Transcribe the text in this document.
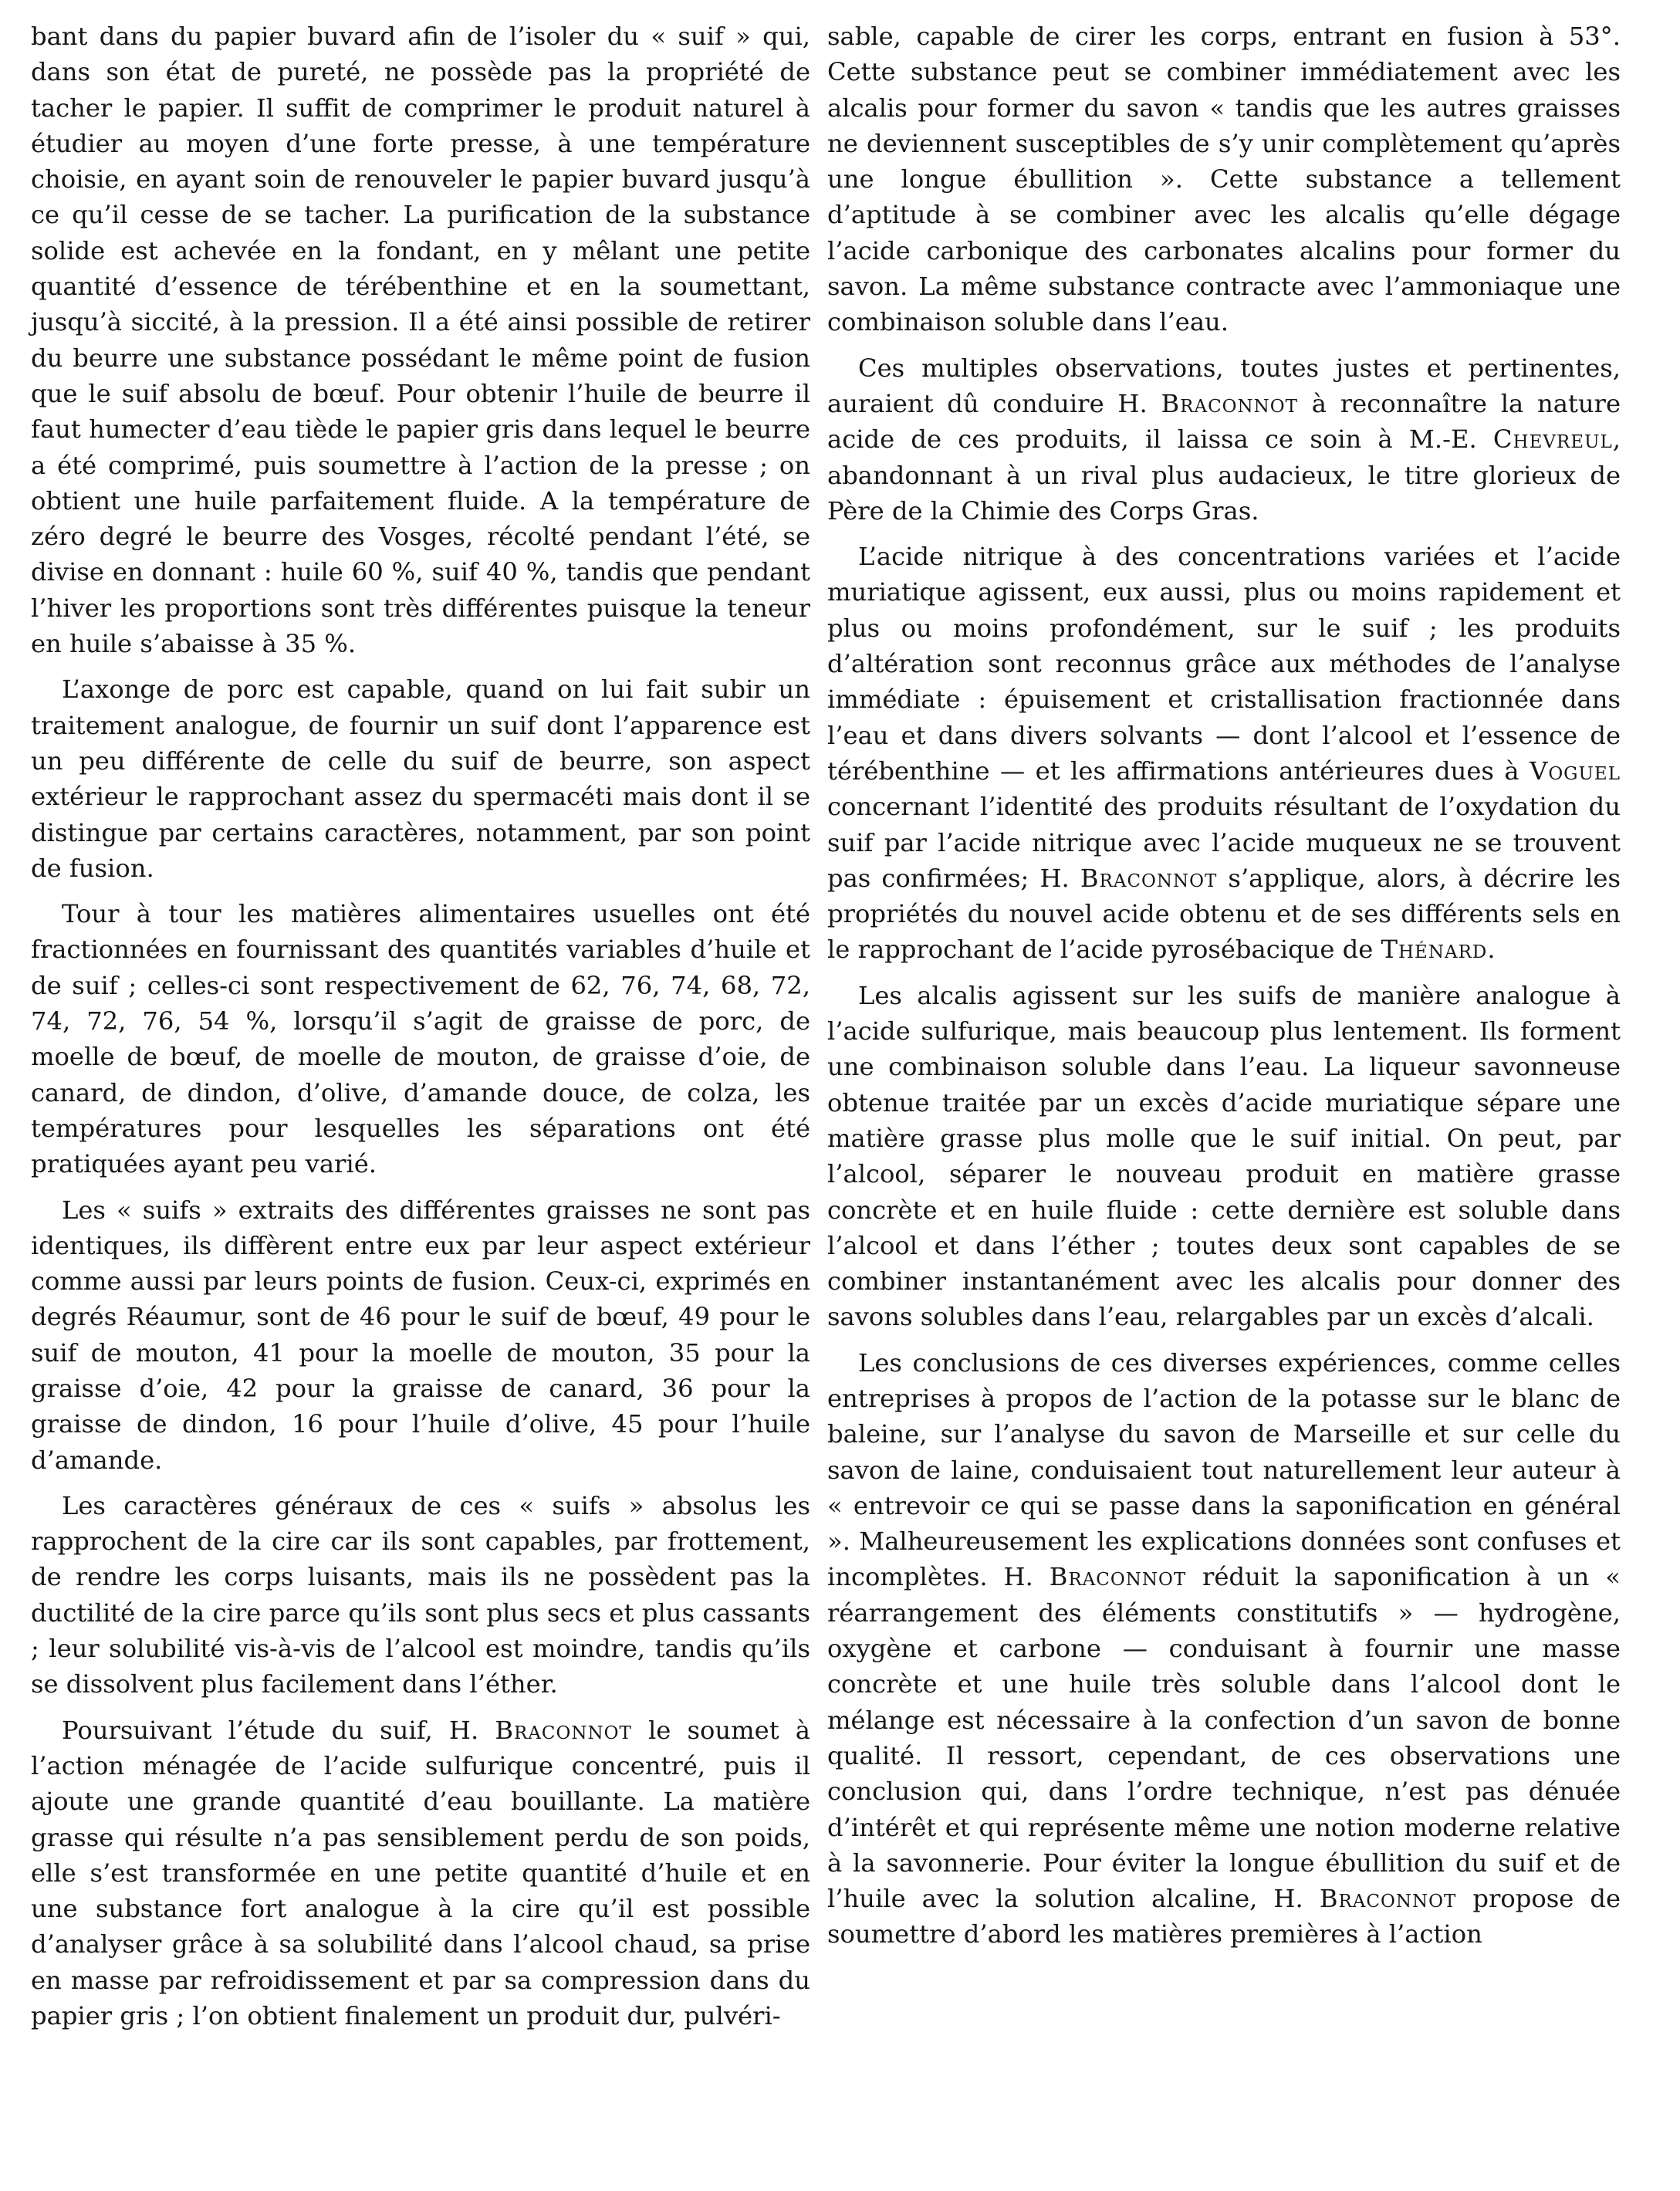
bant dans du papier buvard afin de l’isoler du « suif » qui, dans son état de pureté, ne possède pas la propriété de tacher le papier. Il suffit de comprimer le produit naturel à étudier au moyen d’une forte presse, à une température choisie, en ayant soin de renouveler le papier buvard jusqu’à ce qu’il cesse de se tacher. La purification de la substance solide est achevée en la fondant, en y mêlant une petite quantité d’essence de térébenthine et en la soumettant, jusqu’à siccité, à la pression. Il a été ainsi possible de retirer du beurre une substance possédant le même point de fusion que le suif absolu de bœuf. Pour obtenir l’huile de beurre il faut humecter d’eau tiède le papier gris dans lequel le beurre a été comprimé, puis soumettre à l’action de la presse ; on obtient une huile parfaitement fluide. A la température de zéro degré le beurre des Vosges, récolté pendant l’été, se divise en donnant : huile 60 %, suif 40 %, tandis que pendant l’hiver les proportions sont très différentes puisque la teneur en huile s’abaisse à 35 %.

L’axonge de porc est capable, quand on lui fait subir un traitement analogue, de fournir un suif dont l’apparence est un peu différente de celle du suif de beurre, son aspect extérieur le rapprochant assez du spermacéti mais dont il se distingue par certains caractères, notamment, par son point de fusion.

Tour à tour les matières alimentaires usuelles ont été fractionnées en fournissant des quantités variables d’huile et de suif ; celles-ci sont respectivement de 62, 76, 74, 68, 72, 74, 72, 76, 54 %, lorsqu’il s’agit de graisse de porc, de moelle de bœuf, de moelle de mouton, de graisse d’oie, de canard, de dindon, d’olive, d’amande douce, de colza, les températures pour lesquelles les séparations ont été pratiquées ayant peu varié.

Les « suifs » extraits des différentes graisses ne sont pas identiques, ils diffèrent entre eux par leur aspect extérieur comme aussi par leurs points de fusion. Ceux-ci, exprimés en degrés Réaumur, sont de 46 pour le suif de bœuf, 49 pour le suif de mouton, 41 pour la moelle de mouton, 35 pour la graisse d’oie, 42 pour la graisse de canard, 36 pour la graisse de dindon, 16 pour l’huile d’olive, 45 pour l’huile d’amande.

Les caractères généraux de ces « suifs » absolus les rapprochent de la cire car ils sont capables, par frottement, de rendre les corps luisants, mais ils ne possèdent pas la ductilité de la cire parce qu’ils sont plus secs et plus cassants ; leur solubilité vis-à-vis de l’alcool est moindre, tandis qu’ils se dissolvent plus facilement dans l’éther.

Poursuivant l’étude du suif, H. Braconnot le soumet à l’action ménagée de l’acide sulfurique concentré, puis il ajoute une grande quantité d’eau bouillante. La matière grasse qui résulte n’a pas sensiblement perdu de son poids, elle s’est transformée en une petite quantité d’huile et en une substance fort analogue à la cire qu’il est possible d’analyser grâce à sa solubilité dans l’alcool chaud, sa prise en masse par refroidissement et par sa compression dans du papier gris ; l’on obtient finalement un produit dur, pulvéri-

sable, capable de cirer les corps, entrant en fusion à 53°. Cette substance peut se combiner immédiatement avec les alcalis pour former du savon « tandis que les autres graisses ne deviennent susceptibles de s’y unir complètement qu’après une longue ébullition ». Cette substance a tellement d’aptitude à se combiner avec les alcalis qu’elle dégage l’acide carbonique des carbonates alcalins pour former du savon. La même substance contracte avec l’ammoniaque une combinaison soluble dans l’eau.

Ces multiples observations, toutes justes et pertinentes, auraient dû conduire H. Braconnot à reconnaître la nature acide de ces produits, il laissa ce soin à M.-E. Chevreul, abandonnant à un rival plus audacieux, le titre glorieux de Père de la Chimie des Corps Gras.

L’acide nitrique à des concentrations variées et l’acide muriatique agissent, eux aussi, plus ou moins rapidement et plus ou moins profondément, sur le suif ; les produits d’altération sont reconnus grâce aux méthodes de l’analyse immédiate : épuisement et cristallisation fractionnée dans l’eau et dans divers solvants — dont l’alcool et l’essence de térébenthine — et les affirmations antérieures dues à Voguel concernant l’identité des produits résultant de l’oxydation du suif par l’acide nitrique avec l’acide muqueux ne se trouvent pas confirmées; H. Braconnot s’applique, alors, à décrire les propriétés du nouvel acide obtenu et de ses différents sels en le rapprochant de l’acide pyrosébacique de Thénard.

Les alcalis agissent sur les suifs de manière analogue à l’acide sulfurique, mais beaucoup plus lentement. Ils forment une combinaison soluble dans l’eau. La liqueur savonneuse obtenue traitée par un excès d’acide muriatique sépare une matière grasse plus molle que le suif initial. On peut, par l’alcool, séparer le nouveau produit en matière grasse concrète et en huile fluide : cette dernière est soluble dans l’alcool et dans l’éther ; toutes deux sont capables de se combiner instantanément avec les alcalis pour donner des savons solubles dans l’eau, relargables par un excès d’alcali.

Les conclusions de ces diverses expériences, comme celles entreprises à propos de l’action de la potasse sur le blanc de baleine, sur l’analyse du savon de Marseille et sur celle du savon de laine, conduisaient tout naturellement leur auteur à « entrevoir ce qui se passe dans la saponification en général ». Malheureusement les explications données sont confuses et incomplètes. H. Braconnot réduit la saponification à un « réarrangement des éléments constitutifs » — hydrogène, oxygène et carbone — conduisant à fournir une masse concrète et une huile très soluble dans l’alcool dont le mélange est nécessaire à la confection d’un savon de bonne qualité. Il ressort, cependant, de ces observations une conclusion qui, dans l’ordre technique, n’est pas dénuée d’intérêt et qui représente même une notion moderne relative à la savonnerie. Pour éviter la longue ébullition du suif et de l’huile avec la solution alcaline, H. Braconnot propose de soumettre d’abord les matières premières à l’action
